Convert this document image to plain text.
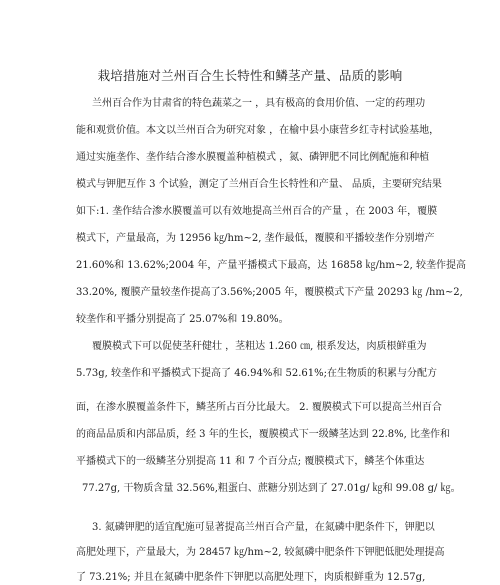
栽培措施对兰州百合生长特性和鳞茎产量、品质的影响
兰州百合作为甘肃省的特色蔬菜之一 ，具有极高的食用价值、一定的药理功
能和观赏价值。本文以兰州百合为研究对象 ，在榆中县小康营乡红寺村试验基地，
通过实施垄作、垄作结合渗水膜覆盖种植模式 ，氮、磷钾肥不同比例配施和种植
模式与钾肥互作 3 个试验，测定了兰州百合生长特性和产量、 品质，主要研究结果
如下:1. 垄作结合渗水膜覆盖可以有效地提高兰州百合的产量 ，在 2003 年，覆膜
模式下，产量最高，为 12956 ㎏/hm~2, 垄作最低，覆膜和平播较垄作分别增产
21.60%和 13.62%;2004 年，产量平播模式下最高，达 16858 ㎏/hm~2, 较垄作提高
33.20%, 覆膜产量较垄作提高了3.56%;2005 年，覆膜模式下产量 20293 ㎏ /hm~2,
较垄作和平播分别提高了 25.07%和 19.80%。
覆膜模式下可以促使茎秆健壮 ，茎粗达 1.260 ㎝, 根系发达，肉质根鲜重为
5.73g, 较垄作和平播模式下提高了 46.94%和 52.61%;在生物质的积累与分配方
面，在渗水膜覆盖条件下，鳞茎所占百分比最大。 2. 覆膜模式下可以提高兰州百合
的商品品质和内部品质，经 3 年的生长，覆膜模式下一级鳞茎达到 22.8%, 比垄作和
平播模式下的一级鳞茎分别提高 11 和 7 个百分点; 覆膜模式下，鳞茎个体重达
77.27g, 干物质含量 32.56%,粗蛋白、蔗糖分别达到了 27.01g/ ㎏和 99.08 g/ ㎏。
3. 氮磷钾肥的适宜配施可显著提高兰州百合产量，在氮磷中肥条件下，钾肥以
高肥处理下，产量最大，为 28457 ㎏/hm~2, 较氮磷中肥条件下钾肥低肥处理提高
了 73.21%; 并且在氮磷中肥条件下钾肥以高肥处理下，肉质根鲜重为 12.57g,
